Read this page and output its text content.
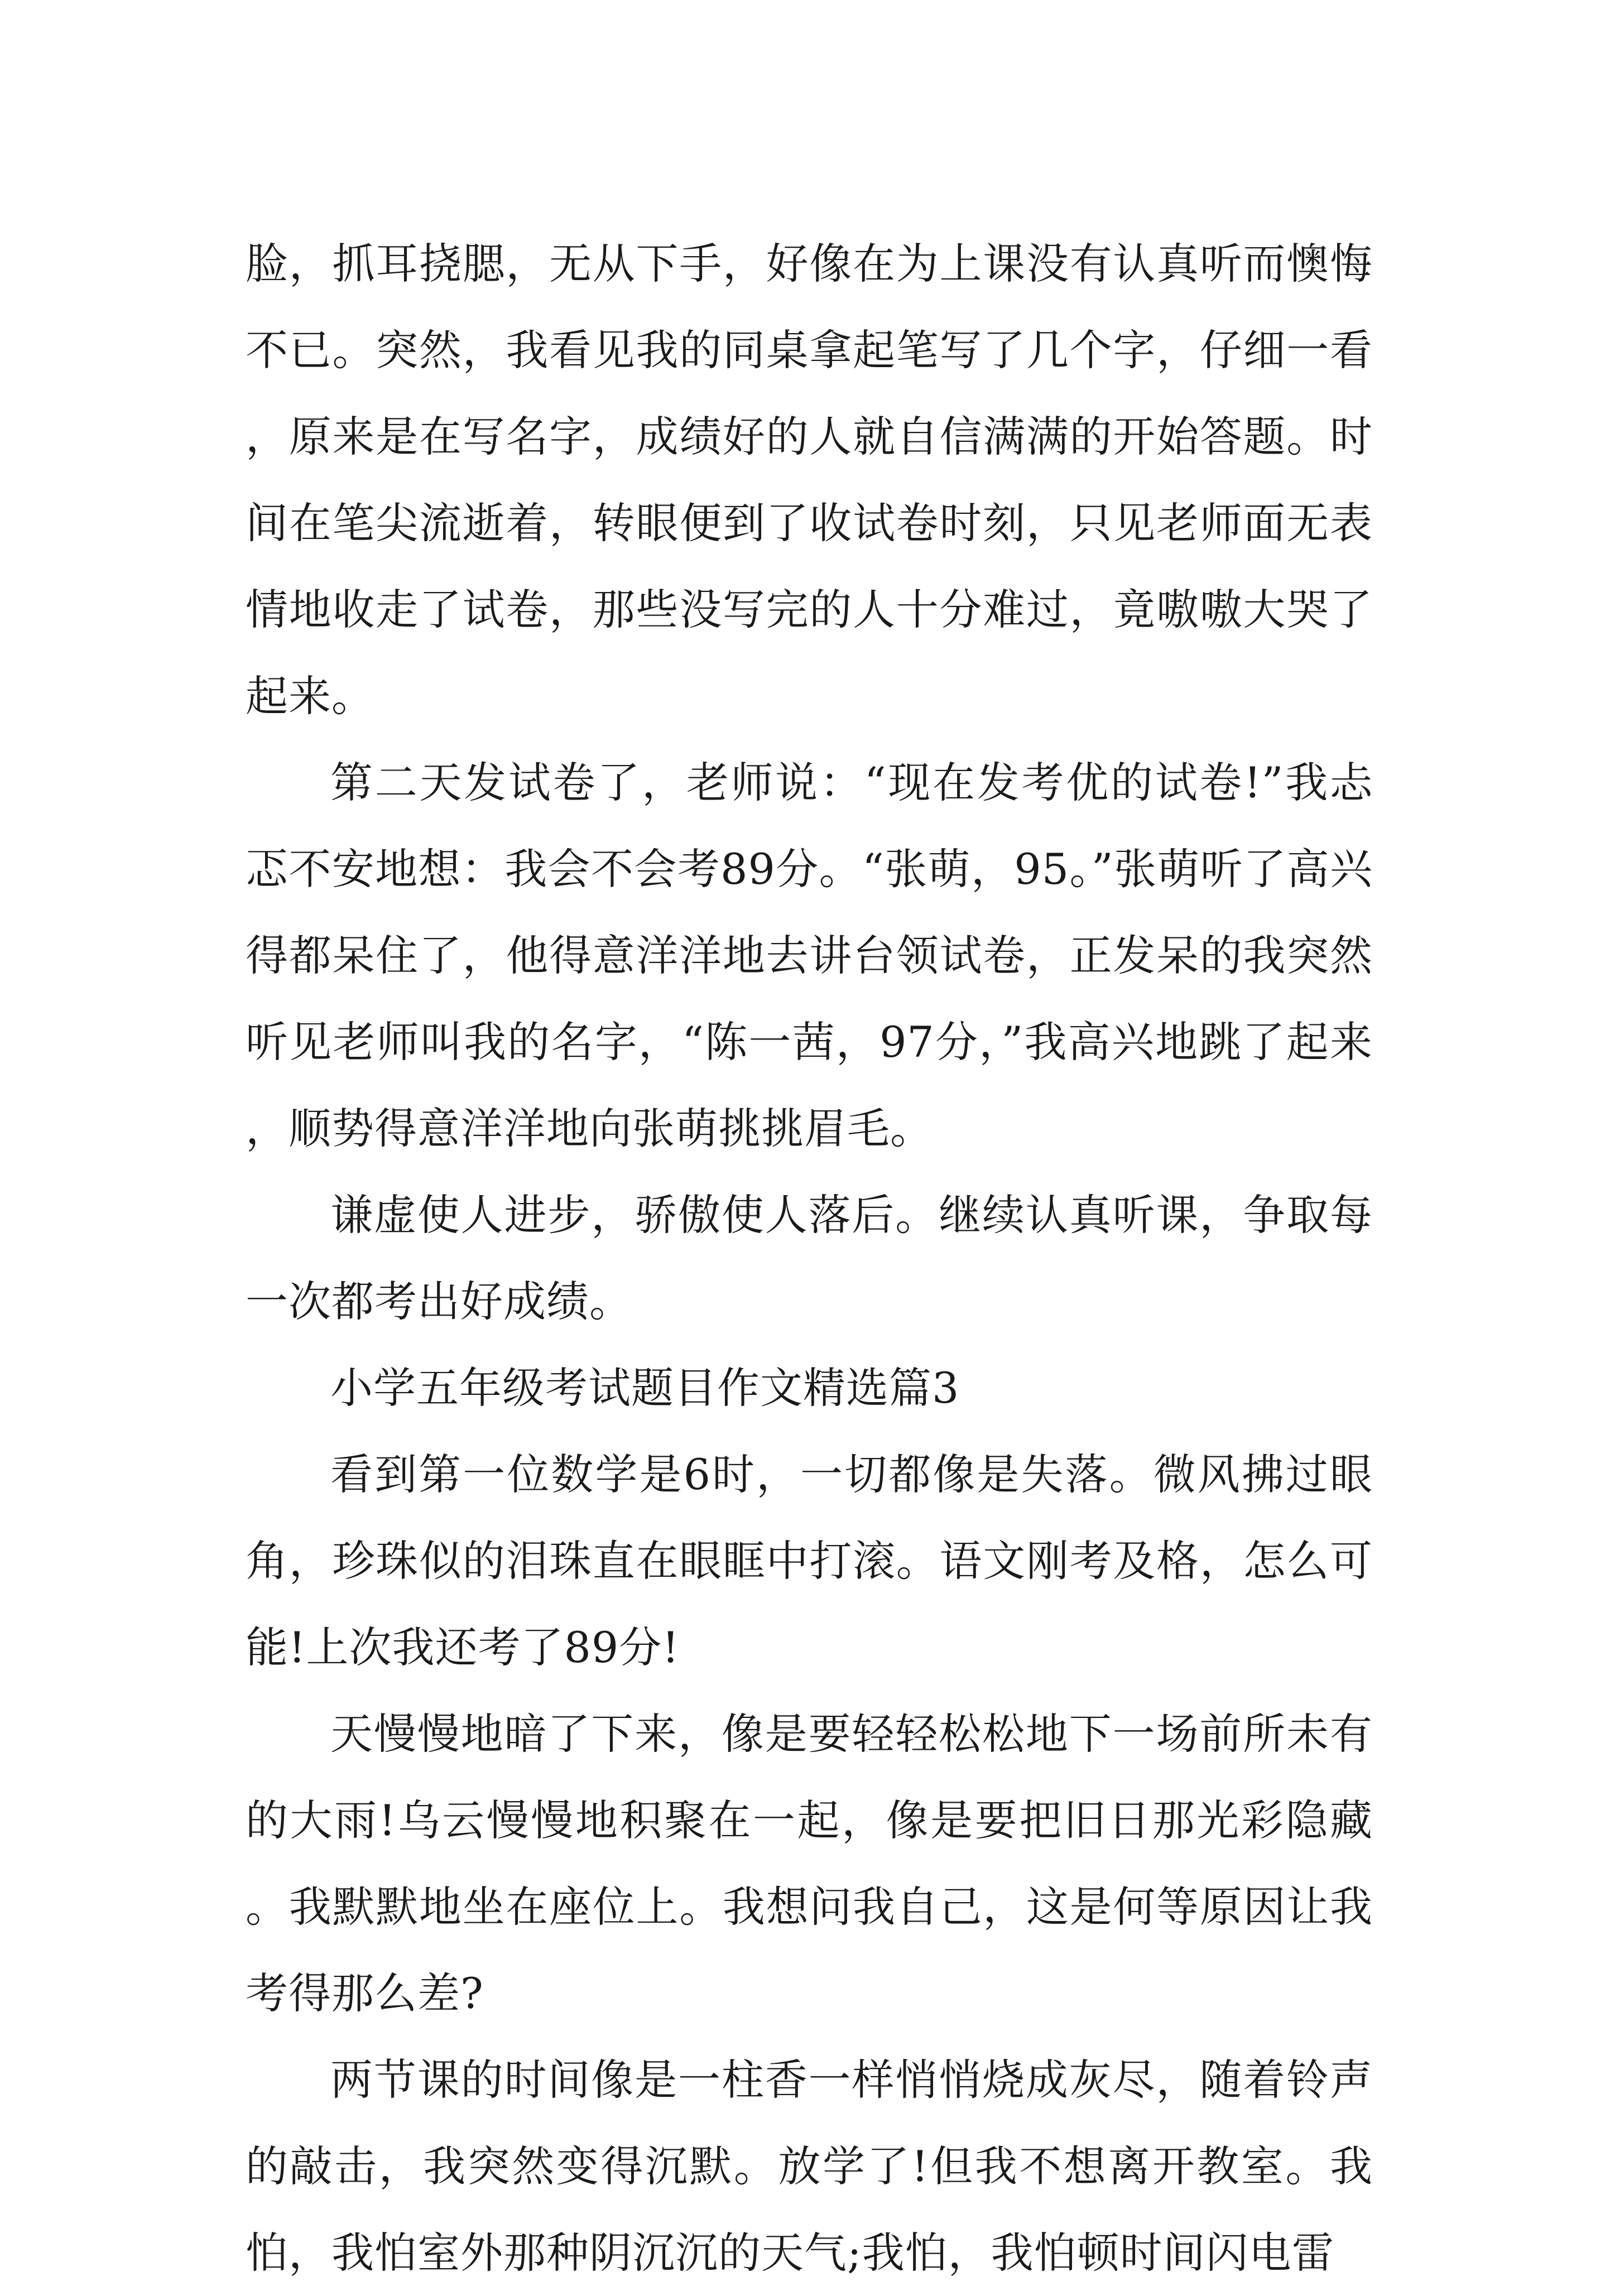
脸，抓耳挠腮，无从下手，好像在为上课没有认真听而懊悔不已。突然，我看见我的同桌拿起笔写了几个字，仔细一看，原来是在写名字，成绩好的人就自信满满的开始答题。时间在笔尖流逝着，转眼便到了收试卷时刻，只见老师面无表情地收走了试卷，那些没写完的人十分难过，竟嗷嗷大哭了起来。

第二天发试卷了，老师说：“现在发考优的试卷!”我忐忑不安地想：我会不会考89分。“张萌，95。”张萌听了高兴得都呆住了，他得意洋洋地去讲台领试卷，正发呆的我突然听见老师叫我的名字，“陈一茜，97分，”我高兴地跳了起来，顺势得意洋洋地向张萌挑挑眉毛。

谦虚使人进步，骄傲使人落后。继续认真听课，争取每一次都考出好成绩。

小学五年级考试题目作文精选篇3

看到第一位数学是6时，一切都像是失落。微风拂过眼角，珍珠似的泪珠直在眼眶中打滚。语文刚考及格，怎么可能!上次我还考了89分!

天慢慢地暗了下来，像是要轻轻松松地下一场前所未有的大雨!乌云慢慢地积聚在一起，像是要把旧日那光彩隐藏。我默默地坐在座位上。我想问我自己，这是何等原因让我考得那么差?

两节课的时间像是一柱香一样悄悄烧成灰尽，随着铃声的敲击，我突然变得沉默。放学了!但我不想离开教室。我怕，我怕室外那种阴沉沉的天气;我怕，我怕顿时间闪电雷
